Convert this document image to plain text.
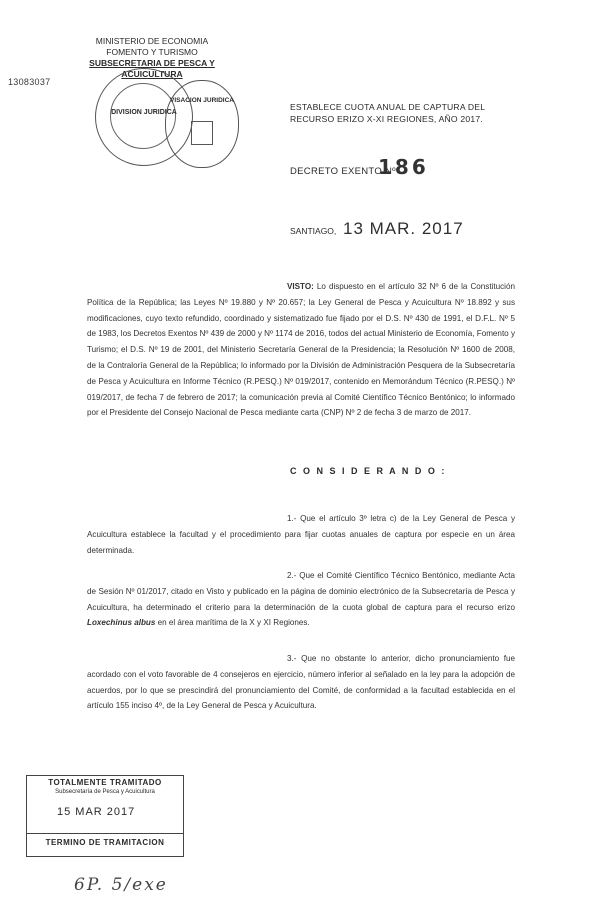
MINISTERIO DE ECONOMIA
FOMENTO Y TURISMO
SUBSECRETARIA DE PESCA Y ACUICULTURA
13083037
DIVISION JURIDICA
VISACION JURIDICA
ESTABLECE CUOTA ANUAL DE CAPTURA DEL RECURSO ERIZO X-XI REGIONES, AÑO 2017.
DECRETO EXENTO Nº
186
SANTIAGO, 13 MAR. 2017
VISTO: Lo dispuesto en el artículo 32 Nº 6 de la Constitución Política de la República; las Leyes Nº 19.880 y Nº 20.657; la Ley General de Pesca y Acuicultura Nº 18.892 y sus modificaciones, cuyo texto refundido, coordinado y sistematizado fue fijado por el D.S. Nº 430 de 1991, el D.F.L. Nº 5 de 1983, los Decretos Exentos Nº 439 de 2000 y Nº 1174 de 2016, todos del actual Ministerio de Economía, Fomento y Turismo; el D.S. Nº 19 de 2001, del Ministerio Secretaría General de la Presidencia; la Resolución Nº 1600 de 2008, de la Contraloría General de la República; lo informado por la División de Administración Pesquera de la Subsecretaría de Pesca y Acuicultura en Informe Técnico (R.PESQ.) Nº 019/2017, contenido en Memorándum Técnico (R.PESQ.) Nº 019/2017, de fecha 7 de febrero de 2017; la comunicación previa al Comité Científico Técnico Bentónico; lo informado por el Presidente del Consejo Nacional de Pesca mediante carta (CNP) Nº 2 de fecha 3 de marzo de 2017.
C O N S I D E R A N D O :
1.- Que el artículo 3º letra c) de la Ley General de Pesca y Acuicultura establece la facultad y el procedimiento para fijar cuotas anuales de captura por especie en un área determinada.
2.- Que el Comité Científico Técnico Bentónico, mediante Acta de Sesión Nº 01/2017, citado en Visto y publicado en la página de dominio electrónico de la Subsecretaría de Pesca y Acuicultura, ha determinado el criterio para la determinación de la cuota global de captura para el recurso erizo Loxechinus albus en el área marítima de la X y XI Regiones.
3.- Que no obstante lo anterior, dicho pronunciamiento fue acordado con el voto favorable de 4 consejeros en ejercicio, número inferior al señalado en la ley para la adopción de acuerdos, por lo que se prescindirá del pronunciamiento del Comité, de conformidad a la facultad establecida en el artículo 155 inciso 4º, de la Ley General de Pesca y Acuicultura.
TOTALMENTE TRAMITADO
Subsecretaría de Pesca y Acuicultura
15 MAR 2017
TERMINO DE TRAMITACION
6P. 5/exe
